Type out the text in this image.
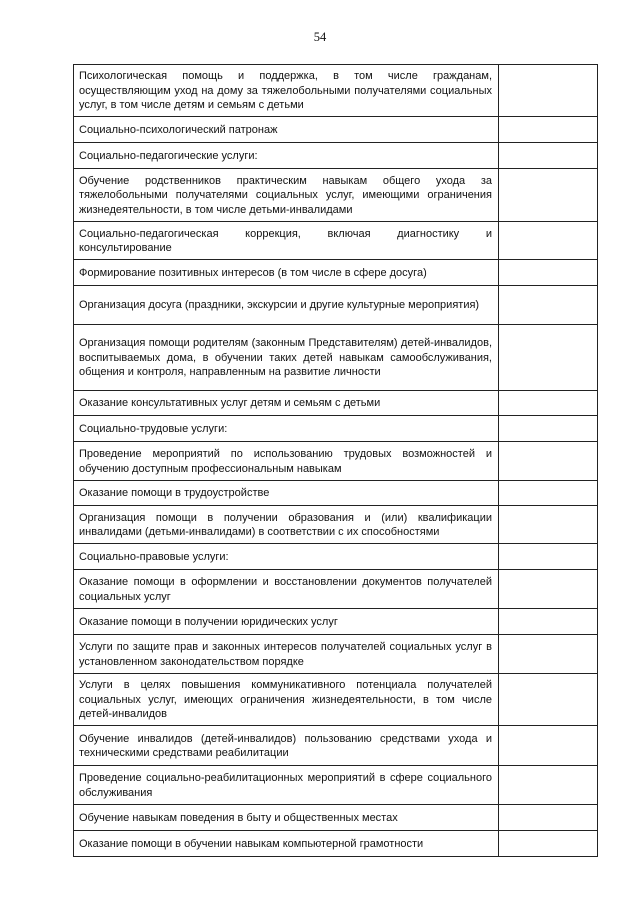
54
Психологическая помощь и поддержка, в том числе гражданам, осуществляющим уход на дому за тяжелобольными получателями социальных услуг, в том числе детям и семьям с детьми	
Социально-психологический патронаж	
Социально-педагогические услуги:	
Обучение родственников практическим навыкам общего ухода за тяжелобольными получателями социальных услуг, имеющими ограничения жизнедеятельности, в том числе детьми-инвалидами	
Социально-педагогическая коррекция, включая диагностику и консультирование	
Формирование позитивных интересов (в том числе в сфере досуга)	
Организация досуга (праздники, экскурсии и другие культурные мероприятия)	
Организация помощи родителям (законным Представителям) детей-инвалидов, воспитываемых дома, в обучении таких детей навыкам самообслуживания, общения и контроля, направленным на развитие личности	
Оказание консультативных услуг детям и семьям с детьми	
Социально-трудовые услуги:	
Проведение мероприятий по использованию трудовых возможностей и обучению доступным профессиональным навыкам	
Оказание помощи в трудоустройстве	
Организация помощи в получении образования и (или) квалификации инвалидами (детьми-инвалидами) в соответствии с их способностями	
Социально-правовые услуги:	
Оказание помощи в оформлении и восстановлении документов получателей социальных услуг	
Оказание помощи в получении юридических услуг	
Услуги по защите прав и законных интересов получателей социальных услуг в установленном законодательством порядке	
Услуги в целях повышения коммуникативного потенциала получателей социальных услуг, имеющих ограничения жизнедеятельности, в том числе детей-инвалидов	
Обучение инвалидов (детей-инвалидов) пользованию средствами ухода и техническими средствами реабилитации	
Проведение социально-реабилитационных мероприятий в сфере социального обслуживания	
Обучение навыкам поведения в быту и общественных местах	
Оказание помощи в обучении навыкам компьютерной грамотности	
